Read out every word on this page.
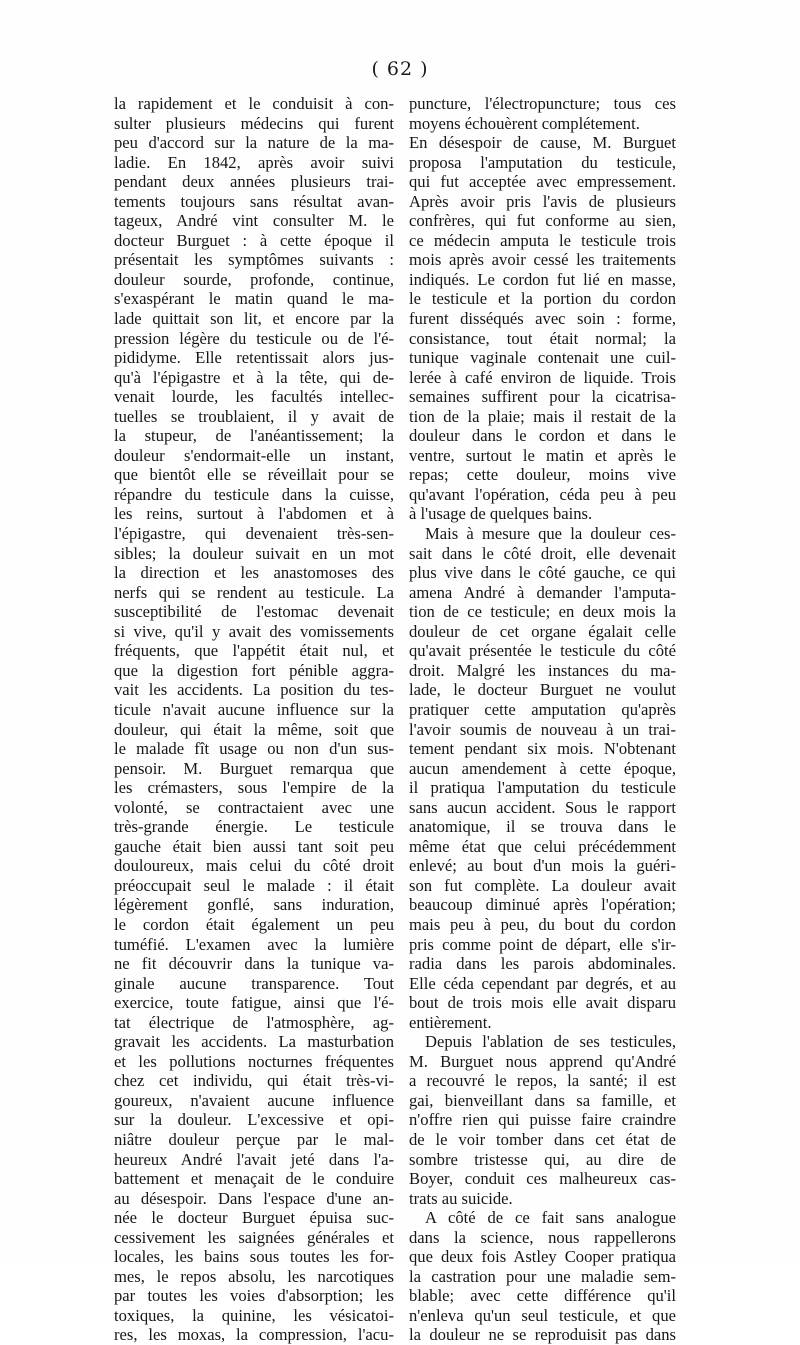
( 62 )
la rapidement et le conduisit à con-
sulter plusieurs médecins qui furent
peu d'accord sur la nature de la ma-
ladie. En 1842, après avoir suivi
pendant deux années plusieurs trai-
tements toujours sans résultat avan-
tageux, André vint consulter M. le
docteur Burguet : à cette époque il
présentait les symptômes suivants :
douleur sourde, profonde, continue,
s'exaspérant le matin quand le ma-
lade quittait son lit, et encore par la
pression légère du testicule ou de l'é-
pididyme. Elle retentissait alors jus-
qu'à l'épigastre et à la tête, qui de-
venait lourde, les facultés intellec-
tuelles se troublaient, il y avait de
la stupeur, de l'anéantissement; la
douleur s'endormait-elle un instant,
que bientôt elle se réveillait pour se
répandre du testicule dans la cuisse,
les reins, surtout à l'abdomen et à
l'épigastre, qui devenaient très-sen-
sibles; la douleur suivait en un mot
la direction et les anastomoses des
nerfs qui se rendent au testicule. La
susceptibilité de l'estomac devenait
si vive, qu'il y avait des vomissements
fréquents, que l'appétit était nul, et
que la digestion fort pénible aggra-
vait les accidents. La position du tes-
ticule n'avait aucune influence sur la
douleur, qui était la même, soit que
le malade fît usage ou non d'un sus-
pensoir. M. Burguet remarqua que
les crémasters, sous l'empire de la
volonté, se contractaient avec une
très-grande énergie. Le testicule
gauche était bien aussi tant soit peu
douloureux, mais celui du côté droit
préoccupait seul le malade : il était
légèrement gonflé, sans induration,
le cordon était également un peu
tuméfié. L'examen avec la lumière
ne fit découvrir dans la tunique va-
ginale aucune transparence. Tout
exercice, toute fatigue, ainsi que l'é-
tat électrique de l'atmosphère, ag-
gravait les accidents. La masturbation
et les pollutions nocturnes fréquentes
chez cet individu, qui était très-vi-
goureux, n'avaient aucune influence
sur la douleur. L'excessive et opi-
niâtre douleur perçue par le mal-
heureux André l'avait jeté dans l'a-
battement et menaçait de le conduire
au désespoir. Dans l'espace d'une an-
née le docteur Burguet épuisa suc-
cessivement les saignées générales et
locales, les bains sous toutes les for-
mes, le repos absolu, les narcotiques
par toutes les voies d'absorption; les
toxiques, la quinine, les vésicatoi-
res, les moxas, la compression, l'acu-
puncture, l'électropuncture; tous ces
moyens échouèrent complétement.
En désespoir de cause, M. Burguet
proposa l'amputation du testicule,
qui fut acceptée avec empressement.
Après avoir pris l'avis de plusieurs
confrères, qui fut conforme au sien,
ce médecin amputa le testicule trois
mois après avoir cessé les traitements
indiqués. Le cordon fut lié en masse,
le testicule et la portion du cordon
furent disséqués avec soin : forme,
consistance, tout était normal; la
tunique vaginale contenait une cuil-
lerée à café environ de liquide. Trois
semaines suffirent pour la cicatrisa-
tion de la plaie; mais il restait de la
douleur dans le cordon et dans le
ventre, surtout le matin et après le
repas; cette douleur, moins vive
qu'avant l'opération, céda peu à peu
à l'usage de quelques bains.
Mais à mesure que la douleur ces-
sait dans le côté droit, elle devenait
plus vive dans le côté gauche, ce qui
amena André à demander l'amputa-
tion de ce testicule; en deux mois la
douleur de cet organe égalait celle
qu'avait présentée le testicule du côté
droit. Malgré les instances du ma-
lade, le docteur Burguet ne voulut
pratiquer cette amputation qu'après
l'avoir soumis de nouveau à un trai-
tement pendant six mois. N'obtenant
aucun amendement à cette époque,
il pratiqua l'amputation du testicule
sans aucun accident. Sous le rapport
anatomique, il se trouva dans le
même état que celui précédemment
enlevé; au bout d'un mois la guéri-
son fut complète. La douleur avait
beaucoup diminué après l'opération;
mais peu à peu, du bout du cordon
pris comme point de départ, elle s'ir-
radia dans les parois abdominales.
Elle céda cependant par degrés, et au
bout de trois mois elle avait disparu
entièrement.
Depuis l'ablation de ses testicules,
M. Burguet nous apprend qu'André
a recouvré le repos, la santé; il est
gai, bienveillant dans sa famille, et
n'offre rien qui puisse faire craindre
de le voir tomber dans cet état de
sombre tristesse qui, au dire de
Boyer, conduit ces malheureux cas-
trats au suicide.
A côté de ce fait sans analogue
dans la science, nous rappellerons
que deux fois Astley Cooper pratiqua
la castration pour une maladie sem-
blable; avec cette différence qu'il
n'enleva qu'un seul testicule, et que
la douleur ne se reproduisit pas dans
